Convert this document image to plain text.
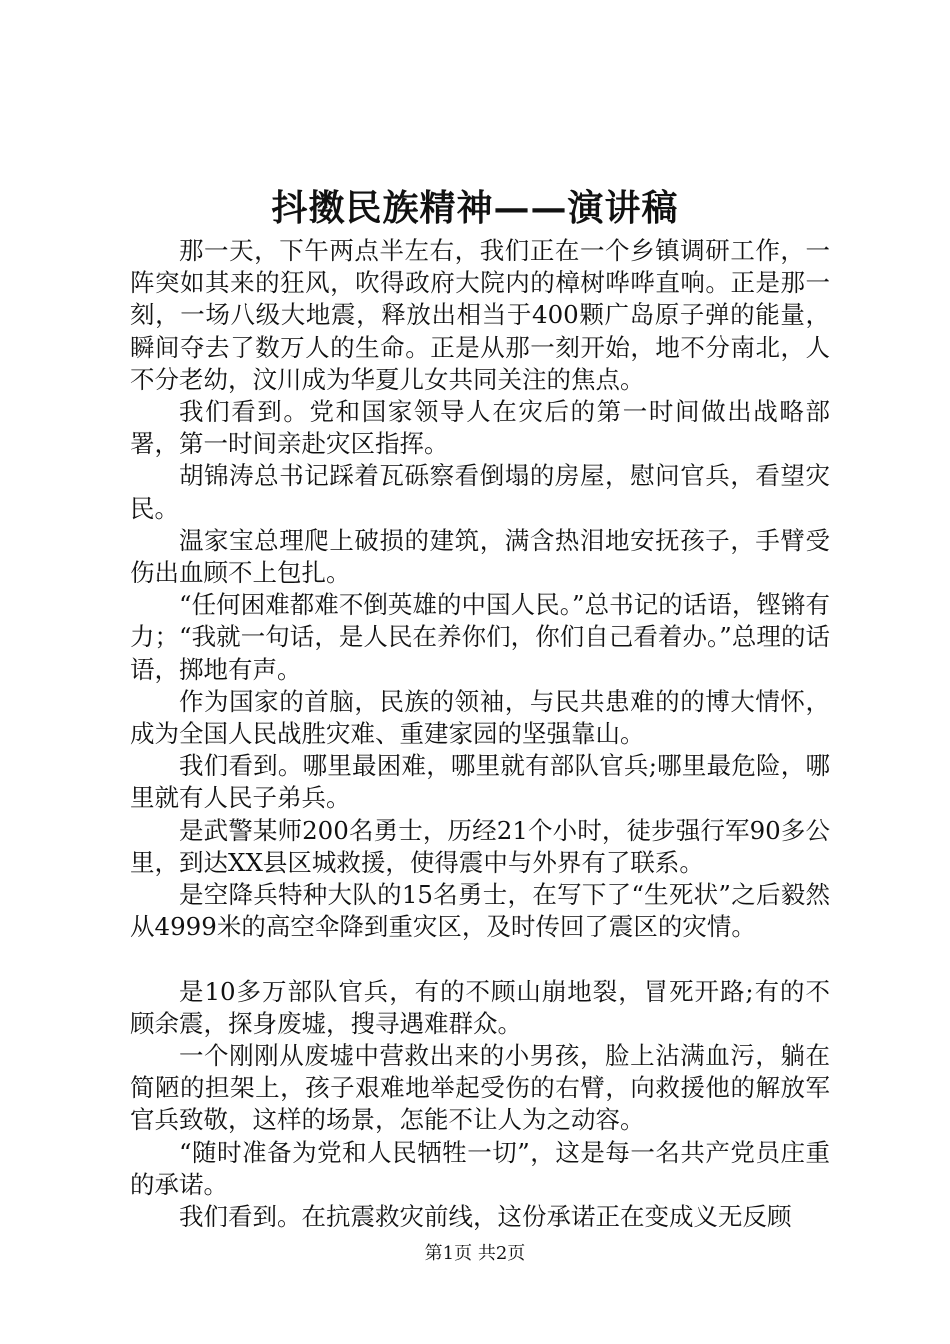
抖擞民族精神——演讲稿

那一天，下午两点半左右，我们正在一个乡镇调研工作，一阵突如其来的狂风，吹得政府大院内的樟树哗哗直响。正是那一刻，一场八级大地震，释放出相当于400颗广岛原子弹的能量，瞬间夺去了数万人的生命。正是从那一刻开始，地不分南北，人不分老幼，汶川成为华夏儿女共同关注的焦点。

我们看到。党和国家领导人在灾后的第一时间做出战略部署，第一时间亲赴灾区指挥。

胡锦涛总书记踩着瓦砾察看倒塌的房屋，慰问官兵，看望灾民。

温家宝总理爬上破损的建筑，满含热泪地安抚孩子，手臂受伤出血顾不上包扎。

“任何困难都难不倒英雄的中国人民。”总书记的话语，铿锵有力；“我就一句话，是人民在养你们，你们自己看着办。”总理的话语，掷地有声。

作为国家的首脑，民族的领袖，与民共患难的的博大情怀，成为全国人民战胜灾难、重建家园的坚强靠山。

我们看到。哪里最困难，哪里就有部队官兵;哪里最危险，哪里就有人民子弟兵。

是武警某师200名勇士，历经21个小时，徒步强行军90多公里，到达XX县区城救援，使得震中与外界有了联系。

是空降兵特种大队的15名勇士，在写下了“生死状”之后毅然从4999米的高空伞降到重灾区，及时传回了震区的灾情。

是10多万部队官兵，有的不顾山崩地裂，冒死开路;有的不顾余震，探身废墟，搜寻遇难群众。

一个刚刚从废墟中营救出来的小男孩，脸上沾满血污，躺在简陋的担架上，孩子艰难地举起受伤的右臂，向救援他的解放军官兵致敬，这样的场景，怎能不让人为之动容。

“随时准备为党和人民牺牲一切”，这是每一名共产党员庄重的承诺。

我们看到。在抗震救灾前线，这份承诺正在变成义无反顾

第1页 共2页
